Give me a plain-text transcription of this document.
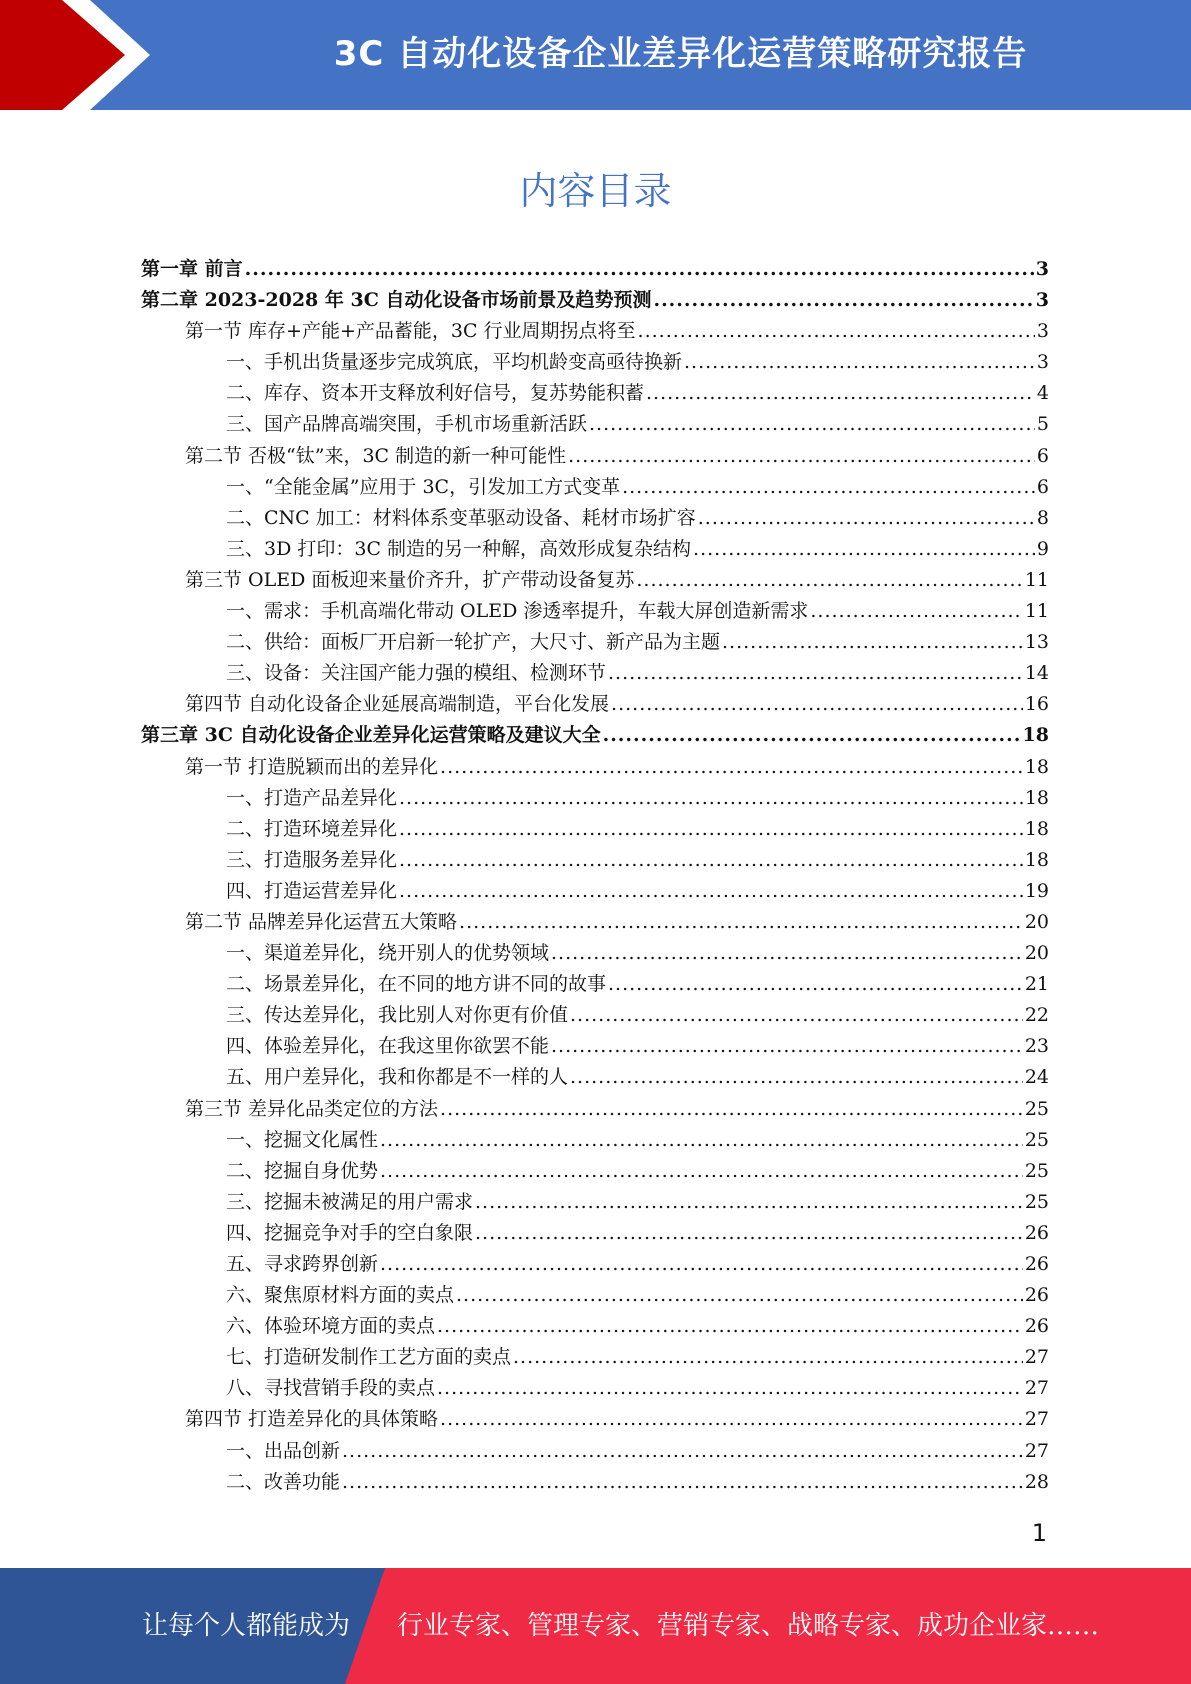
3C 自动化设备企业差异化运营策略研究报告
内容目录
第一章 前言 .....	3
第二章 2023-2028 年 3C 自动化设备市场前景及趋势预测 .....	3
第一节 库存+产能+产品蓄能，3C 行业周期拐点将至 .....	3
一、手机出货量逐步完成筑底，平均机龄变高亟待换新 .....	3
二、库存、资本开支释放利好信号，复苏势能积蓄 .....	4
三、国产品牌高端突围，手机市场重新活跃 .....	5
第二节 否极“钛”来，3C 制造的新一种可能性 .....	6
一、“全能金属”应用于 3C，引发加工方式变革 .....	6
二、CNC 加工：材料体系变革驱动设备、耗材市场扩容 .....	8
三、3D 打印：3C 制造的另一种解，高效形成复杂结构 .....	9
第三节 OLED 面板迎来量价齐升，扩产带动设备复苏 .....	11
一、需求：手机高端化带动 OLED 渗透率提升，车载大屏创造新需求 .....	11
二、供给：面板厂开启新一轮扩产，大尺寸、新产品为主题 .....	13
三、设备：关注国产能力强的模组、检测环节 .....	14
第四节 自动化设备企业延展高端制造，平台化发展 .....	16
第三章 3C 自动化设备企业差异化运营策略及建议大全 .....	18
第一节 打造脱颖而出的差异化 .....	18
一、打造产品差异化 .....	18
二、打造环境差异化 .....	18
三、打造服务差异化 .....	18
四、打造运营差异化 .....	19
第二节 品牌差异化运营五大策略 .....	20
一、渠道差异化，绕开别人的优势领域 .....	20
二、场景差异化，在不同的地方讲不同的故事 .....	21
三、传达差异化，我比别人对你更有价值 .....	22
四、体验差异化，在我这里你欲罢不能 .....	23
五、用户差异化，我和你都是不一样的人 .....	24
第三节 差异化品类定位的方法 .....	25
一、挖掘文化属性 .....	25
二、挖掘自身优势 .....	25
三、挖掘未被满足的用户需求 .....	25
四、挖掘竞争对手的空白象限 .....	26
五、寻求跨界创新 .....	26
六、聚焦原材料方面的卖点 .....	26
六、体验环境方面的卖点 .....	26
七、打造研发制作工艺方面的卖点 .....	27
八、寻找营销手段的卖点 .....	27
第四节 打造差异化的具体策略 .....	27
一、出品创新 .....	27
二、改善功能 .....	28
1
让每个人都能成为 行业专家、管理专家、营销专家、战略专家、成功企业家……
